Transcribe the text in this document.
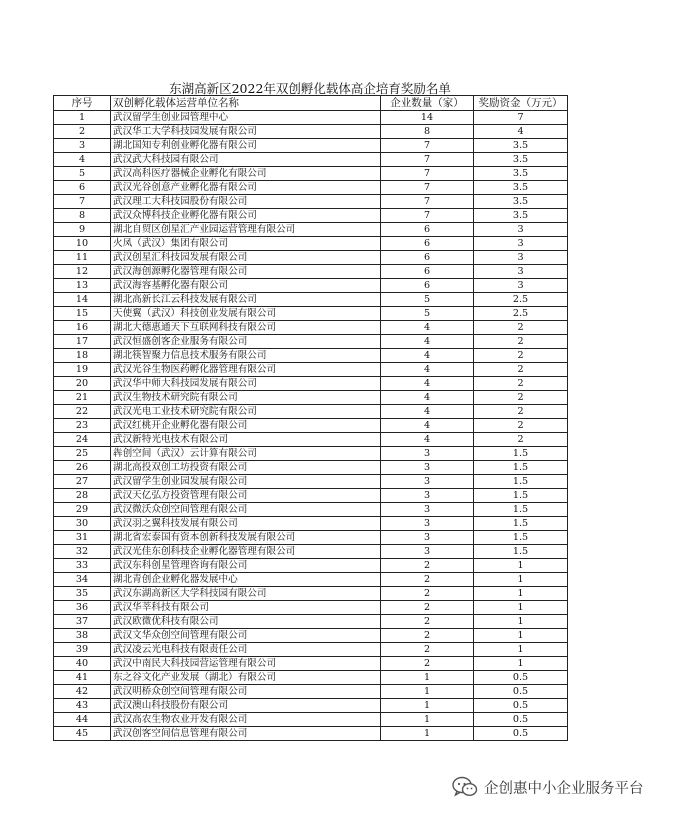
东湖高新区2022年双创孵化载体高企培育奖励名单
序号	双创孵化载体运营单位名称	企业数量（家）	奖励资金（万元）
1	武汉留学生创业园管理中心	14	7
2	武汉华工大学科技园发展有限公司	8	4
3	湖北国知专利创业孵化器有限公司	7	3.5
4	武汉武大科技园有限公司	7	3.5
5	武汉高科医疗器械企业孵化有限公司	7	3.5
6	武汉光谷创意产业孵化器有限公司	7	3.5
7	武汉理工大科技园股份有限公司	7	3.5
8	武汉众博科技企业孵化器有限公司	7	3.5
9	湖北自贸区创星汇产业园运营管理有限公司	6	3
10	火凤（武汉）集团有限公司	6	3
11	武汉创星汇科技园发展有限公司	6	3
12	武汉海创源孵化器管理有限公司	6	3
13	武汉海容基孵化器有限公司	6	3
14	湖北高新长江云科技发展有限公司	5	2.5
15	天使翼（武汉）科技创业发展有限公司	5	2.5
16	湖北大德惠通天下互联网科技有限公司	4	2
17	武汉恒盛创客企业服务有限公司	4	2
18	湖北筷智聚力信息技术服务有限公司	4	2
19	武汉光谷生物医药孵化器管理有限公司	4	2
20	武汉华中师大科技园发展有限公司	4	2
21	武汉生物技术研究院有限公司	4	2
22	武汉光电工业技术研究院有限公司	4	2
23	武汉红桃开企业孵化器有限公司	4	2
24	武汉新特光电技术有限公司	4	2
25	犇创空间（武汉）云计算有限公司	3	1.5
26	湖北高投双创工坊投资有限公司	3	1.5
27	武汉留学生创业园发展有限公司	3	1.5
28	武汉天亿弘方投资管理有限公司	3	1.5
29	武汉微沃众创空间管理有限公司	3	1.5
30	武汉羽之翼科技发展有限公司	3	1.5
31	湖北省宏泰国有资本创新科技发展有限公司	3	1.5
32	武汉光佳东创科技企业孵化器管理有限公司	3	1.5
33	武汉东科创星管理咨询有限公司	2	1
34	湖北青创企业孵化器发展中心	2	1
35	武汉东湖高新区大学科技园有限公司	2	1
36	武汉华莘科技有限公司	2	1
37	武汉欧微优科技有限公司	2	1
38	武汉文华众创空间管理有限公司	2	1
39	武汉凌云光电科技有限责任公司	2	1
40	武汉中南民大科技园营运管理有限公司	2	1
41	东之谷文化产业发展（湖北）有限公司	1	0.5
42	武汉明桥众创空间管理有限公司	1	0.5
43	武汉澳山科技股份有限公司	1	0.5
44	武汉高农生物农业开发有限公司	1	0.5
45	武汉创客空间信息管理有限公司	1	0.5
企创惠中小企业服务平台
